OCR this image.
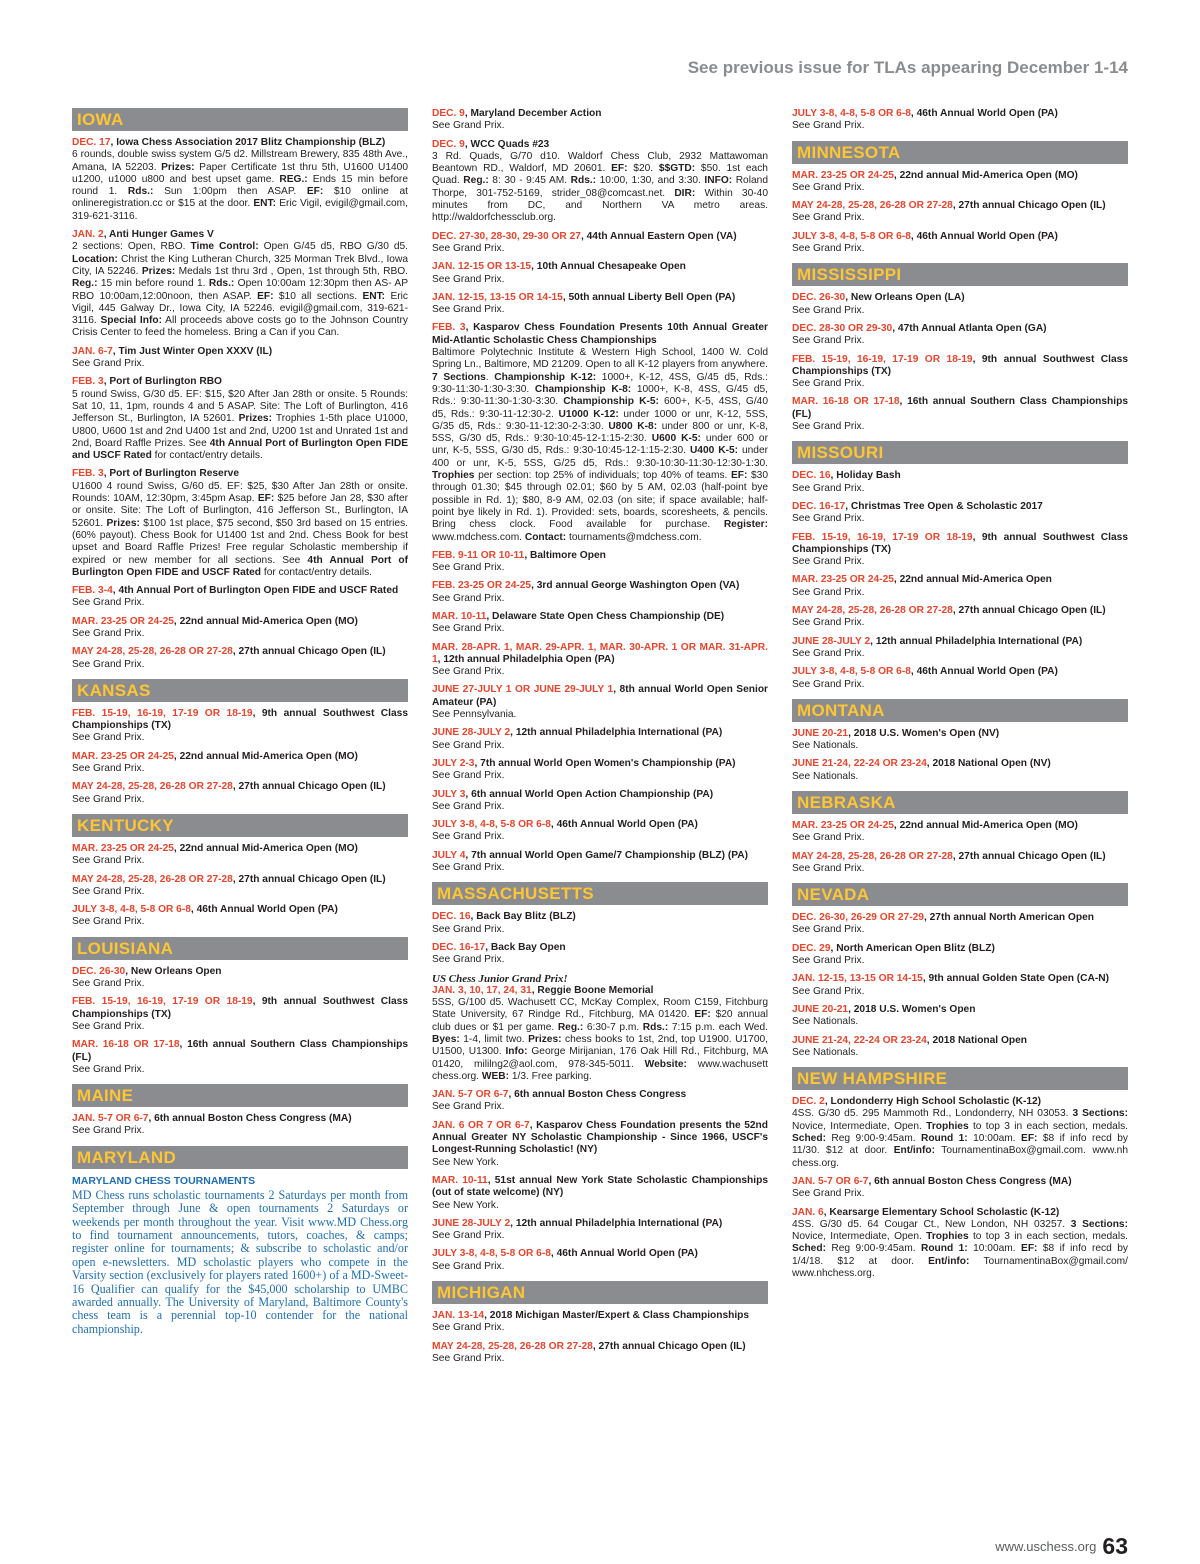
See previous issue for TLAs appearing December 1-14
IOWA
DEC. 17, Iowa Chess Association 2017 Blitz Championship (BLZ)
6 rounds, double swiss system G/5 d2. Millstream Brewery, 835 48th Ave., Amana, IA 52203. Prizes: Paper Certificate 1st thru 5th, U1600 U1400 u1200, u1000 u800 and best upset game. REG.: Ends 15 min before round 1. Rds.: Sun 1:00pm then ASAP. EF: $10 online at onlineregistration.cc or $15 at the door. ENT: Eric Vigil, evigil@gmail.com, 319-621-3116.
JAN. 2, Anti Hunger Games V
2 sections: Open, RBO. Time Control: Open G/45 d5, RBO G/30 d5. Location: Christ the King Lutheran Church, 325 Morman Trek Blvd., Iowa City, IA 52246. Prizes: Medals 1st thru 3rd , Open, 1st through 5th, RBO. Reg.: 15 min before round 1. Rds.: Open 10:00am 12:30pm then AS- AP RBO 10:00am,12:00noon, then ASAP. EF: $10 all sections. ENT: Eric Vigil, 445 Galway Dr., Iowa City, IA 52246. evigil@gmail.com, 319-621- 3116. Special Info: All proceeds above costs go to the Johnson Country Crisis Center to feed the homeless. Bring a Can if you Can.
JAN. 6-7, Tim Just Winter Open XXXV (IL)
See Grand Prix.
FEB. 3, Port of Burlington RBO
5 round Swiss, G/30 d5. EF: $15, $20 After Jan 28th or onsite. 5 Rounds: Sat 10, 11, 1pm, rounds 4 and 5 ASAP. Site: The Loft of Burlington, 416 Jefferson St., Burlington, IA 52601. Prizes: Trophies 1-5th place U1000, U800, U600 1st and 2nd U400 1st and 2nd, U200 1st and Unrated 1st and 2nd, Board Raffle Prizes. See 4th Annual Port of Burlington Open FIDE and USCF Rated for contact/entry details.
FEB. 3, Port of Burlington Reserve
U1600 4 round Swiss, G/60 d5. EF: $25, $30 After Jan 28th or onsite. Rounds: 10AM, 12:30pm, 3:45pm Asap. EF: $25 before Jan 28, $30 after or onsite. Site: The Loft of Burlington, 416 Jefferson St., Burlington, IA 52601. Prizes: $100 1st place, $75 second, $50 3rd based on 15 entries. (60% payout). Chess Book for U1400 1st and 2nd. Chess Book for best upset and Board Raffle Prizes! Free regular Scholastic membership if expired or new member for all sections. See 4th Annual Port of Burlington Open FIDE and USCF Rated for contact/entry details.
FEB. 3-4, 4th Annual Port of Burlington Open FIDE and USCF Rated
See Grand Prix.
MAR. 23-25 OR 24-25, 22nd annual Mid-America Open (MO)
See Grand Prix.
MAY 24-28, 25-28, 26-28 OR 27-28, 27th annual Chicago Open (IL)
See Grand Prix.
KANSAS
FEB. 15-19, 16-19, 17-19 OR 18-19, 9th annual Southwest Class Championships (TX)
See Grand Prix.
MAR. 23-25 OR 24-25, 22nd annual Mid-America Open (MO)
See Grand Prix.
MAY 24-28, 25-28, 26-28 OR 27-28, 27th annual Chicago Open (IL)
See Grand Prix.
KENTUCKY
MAR. 23-25 OR 24-25, 22nd annual Mid-America Open (MO)
See Grand Prix.
MAY 24-28, 25-28, 26-28 OR 27-28, 27th annual Chicago Open (IL)
See Grand Prix.
JULY 3-8, 4-8, 5-8 OR 6-8, 46th Annual World Open (PA)
See Grand Prix.
LOUISIANA
DEC. 26-30, New Orleans Open
See Grand Prix.
FEB. 15-19, 16-19, 17-19 OR 18-19, 9th annual Southwest Class Championships (TX)
See Grand Prix.
MAR. 16-18 OR 17-18, 16th annual Southern Class Championships (FL)
See Grand Prix.
MAINE
JAN. 5-7 OR 6-7, 6th annual Boston Chess Congress (MA)
See Grand Prix.
MARYLAND
MARYLAND CHESS TOURNAMENTS
MD Chess runs scholastic tournaments 2 Saturdays per month from September through June & open tournaments 2 Saturdays or weekends per month throughout the year. Visit www.MD Chess.org to find tournament announcements, tutors, coaches, & camps; register online for tournaments; & subscribe to scholastic and/or open e-newsletters. MD scholastic players who compete in the Varsity section (exclusively for players rated 1600+) of a MD-Sweet-16 Qualifier can qualify for the $45,000 scholarship to UMBC awarded annually. The University of Maryland, Baltimore County's chess team is a perennial top-10 contender for the national championship.
DEC. 9, Maryland December Action
See Grand Prix.
DEC. 9, WCC Quads #23
3 Rd. Quads, G/70 d10. Waldorf Chess Club, 2932 Mattawoman Beantown RD., Waldorf, MD 20601. EF: $20. $$GTD: $50. 1st each Quad. Reg.: 8: 30 - 9:45 AM. Rds.: 10:00, 1:30, and 3:30. INFO: Roland Thorpe, 301-752-5169, strider_08@comcast.net. DIR: Within 30-40 minutes from DC, and Northern VA metro areas. http://waldorfchessclub.org.
DEC. 27-30, 28-30, 29-30 OR 27, 44th Annual Eastern Open (VA)
See Grand Prix.
JAN. 12-15 OR 13-15, 10th Annual Chesapeake Open
See Grand Prix.
JAN. 12-15, 13-15 OR 14-15, 50th annual Liberty Bell Open (PA)
See Grand Prix.
FEB. 3, Kasparov Chess Foundation Presents 10th Annual Greater Mid-Atlantic Scholastic Chess Championships
Baltimore Polytechnic Institute & Western High School, 1400 W. Cold Spring Ln., Baltimore, MD 21209. Open to all K-12 players from anywhere. 7 Sections. Championship K-12: 1000+, K-12, 4SS, G/45 d5, Rds.: 9:30-11:30-1:30-3:30. Championship K-8: 1000+, K-8, 4SS, G/45 d5, Rds.: 9:30-11:30-1:30-3:30. Championship K-5: 600+, K-5, 4SS, G/40 d5, Rds.: 9:30-11-12:30-2. U1000 K-12: under 1000 or unr, K-12, 5SS, G/35 d5, Rds.: 9:30-11-12:30-2-3:30. U800 K-8: under 800 or unr, K-8, 5SS, G/30 d5, Rds.: 9:30-10:45-12-1:15-2:30. U600 K-5: under 600 or unr, K-5, 5SS, G/30 d5, Rds.: 9:30-10:45-12-1:15-2:30. U400 K-5: under 400 or unr, K-5, 5SS, G/25 d5, Rds.: 9:30-10:30-11:30-12:30-1:30. Trophies per section: top 25% of individuals; top 40% of teams. EF: $30 through 01.30; $45 through 02.01; $60 by 5 AM, 02.03 (half-point bye possible in Rd. 1); $80, 8-9 AM, 02.03 (on site; if space available; half-point bye likely in Rd. 1). Provided: sets, boards, scoresheets, & pencils. Bring chess clock. Food available for purchase. Register: www.mdchess.com. Contact: tournaments@mdchess.com.
FEB. 9-11 OR 10-11, Baltimore Open
See Grand Prix.
FEB. 23-25 OR 24-25, 3rd annual George Washington Open (VA)
See Grand Prix.
MAR. 10-11, Delaware State Open Chess Championship (DE)
See Grand Prix.
MAR. 28-APR. 1, MAR. 29-APR. 1, MAR. 30-APR. 1 OR MAR. 31-APR. 1, 12th annual Philadelphia Open (PA)
See Grand Prix.
JUNE 27-JULY 1 OR JUNE 29-JULY 1, 8th annual World Open Senior Amateur (PA)
See Pennsylvania.
JUNE 28-JULY 2, 12th annual Philadelphia International (PA)
See Grand Prix.
JULY 2-3, 7th annual World Open Women's Championship (PA)
See Grand Prix.
JULY 3, 6th annual World Open Action Championship (PA)
See Grand Prix.
JULY 3-8, 4-8, 5-8 OR 6-8, 46th Annual World Open (PA)
See Grand Prix.
JULY 4, 7th annual World Open Game/7 Championship (BLZ) (PA)
See Grand Prix.
MASSACHUSETTS
DEC. 16, Back Bay Blitz (BLZ)
See Grand Prix.
DEC. 16-17, Back Bay Open
See Grand Prix.
US Chess Junior Grand Prix!
JAN. 3, 10, 17, 24, 31, Reggie Boone Memorial
5SS, G/100 d5. Wachusett CC, McKay Complex, Room C159, Fitchburg State University, 67 Rindge Rd., Fitchburg, MA 01420. EF: $20 annual club dues or $1 per game. Reg.: 6:30-7 p.m. Rds.: 7:15 p.m. each Wed. Byes: 1-4, limit two. Prizes: chess books to 1st, 2nd, top U1900. U1700, U1500, U1300. Info: George Mirijanian, 176 Oak Hill Rd., Fitchburg, MA 01420, mililng2@aol.com, 978-345-5011. Website: www.wachusett chess.org. WEB: 1/3. Free parking.
JAN. 5-7 OR 6-7, 6th annual Boston Chess Congress
See Grand Prix.
JAN. 6 OR 7 OR 6-7, Kasparov Chess Foundation presents the 52nd Annual Greater NY Scholastic Championship - Since 1966, USCF's Longest-Running Scholastic! (NY)
See New York.
MAR. 10-11, 51st annual New York State Scholastic Championships (out of state welcome) (NY)
See New York.
JUNE 28-JULY 2, 12th annual Philadelphia International (PA)
See Grand Prix.
JULY 3-8, 4-8, 5-8 OR 6-8, 46th Annual World Open (PA)
See Grand Prix.
MICHIGAN
JAN. 13-14, 2018 Michigan Master/Expert & Class Championships
See Grand Prix.
MAY 24-28, 25-28, 26-28 OR 27-28, 27th annual Chicago Open (IL)
See Grand Prix.
JULY 3-8, 4-8, 5-8 OR 6-8, 46th Annual World Open (PA)
See Grand Prix.
MINNESOTA
MAR. 23-25 OR 24-25, 22nd annual Mid-America Open (MO)
See Grand Prix.
MAY 24-28, 25-28, 26-28 OR 27-28, 27th annual Chicago Open (IL)
See Grand Prix.
JULY 3-8, 4-8, 5-8 OR 6-8, 46th Annual World Open (PA)
See Grand Prix.
MISSISSIPPI
DEC. 26-30, New Orleans Open (LA)
See Grand Prix.
DEC. 28-30 OR 29-30, 47th Annual Atlanta Open (GA)
See Grand Prix.
FEB. 15-19, 16-19, 17-19 OR 18-19, 9th annual Southwest Class Championships (TX)
See Grand Prix.
MAR. 16-18 OR 17-18, 16th annual Southern Class Championships (FL)
See Grand Prix.
MISSOURI
DEC. 16, Holiday Bash
See Grand Prix.
DEC. 16-17, Christmas Tree Open & Scholastic 2017
See Grand Prix.
FEB. 15-19, 16-19, 17-19 OR 18-19, 9th annual Southwest Class Championships (TX)
See Grand Prix.
MAR. 23-25 OR 24-25, 22nd annual Mid-America Open
See Grand Prix.
MAY 24-28, 25-28, 26-28 OR 27-28, 27th annual Chicago Open (IL)
See Grand Prix.
JUNE 28-JULY 2, 12th annual Philadelphia International (PA)
See Grand Prix.
JULY 3-8, 4-8, 5-8 OR 6-8, 46th Annual World Open (PA)
See Grand Prix.
MONTANA
JUNE 20-21, 2018 U.S. Women's Open (NV)
See Nationals.
JUNE 21-24, 22-24 OR 23-24, 2018 National Open (NV)
See Nationals.
NEBRASKA
MAR. 23-25 OR 24-25, 22nd annual Mid-America Open (MO)
See Grand Prix.
MAY 24-28, 25-28, 26-28 OR 27-28, 27th annual Chicago Open (IL)
See Grand Prix.
NEVADA
DEC. 26-30, 26-29 OR 27-29, 27th annual North American Open
See Grand Prix.
DEC. 29, North American Open Blitz (BLZ)
See Grand Prix.
JAN. 12-15, 13-15 OR 14-15, 9th annual Golden State Open (CA-N)
See Grand Prix.
JUNE 20-21, 2018 U.S. Women's Open
See Nationals.
JUNE 21-24, 22-24 OR 23-24, 2018 National Open
See Nationals.
NEW HAMPSHIRE
DEC. 2, Londonderry High School Scholastic (K-12)
4SS. G/30 d5. 295 Mammoth Rd., Londonderry, NH 03053. 3 Sections: Novice, Intermediate, Open. Trophies to top 3 in each section, medals. Sched: Reg 9:00-9:45am. Round 1: 10:00am. EF: $8 if info recd by 11/30. $12 at door. Ent/info: TournamentinaBox@gmail.com. www.nh chess.org.
JAN. 5-7 OR 6-7, 6th annual Boston Chess Congress (MA)
See Grand Prix.
JAN. 6, Kearsarge Elementary School Scholastic (K-12)
4SS. G/30 d5. 64 Cougar Ct., New London, NH 03257. 3 Sections: Novice, Intermediate, Open. Trophies to top 3 in each section, medals. Sched: Reg 9:00-9:45am. Round 1: 10:00am. EF: $8 if info recd by 1/4/18. $12 at door. Ent/info: TournamentinaBox@gmail.com/ www.nhchess.org.
www.uschess.org 63
